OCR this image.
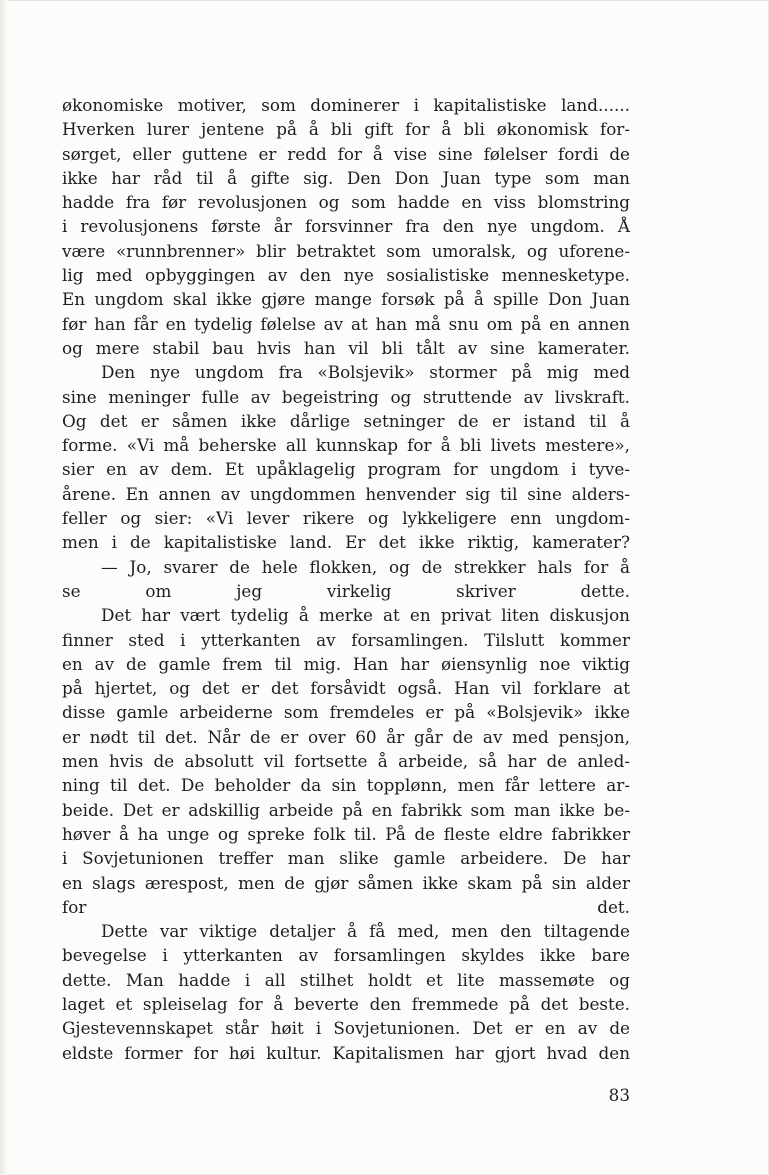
økonomiske motiver, som dominerer i kapitalistiske land......
Hverken lurer jentene på å bli gift for å bli økonomisk for-
sørget, eller guttene er redd for å vise sine følelser fordi de
ikke har råd til å gifte sig. Den Don Juan type som man
hadde fra før revolusjonen og som hadde en viss blomstring
i revolusjonens første år forsvinner fra den nye ungdom. Å
være «runnbrenner» blir betraktet som umoralsk, og uforene-
lig med opbyggingen av den nye sosialistiske mennesketype.
En ungdom skal ikke gjøre mange forsøk på å spille Don Juan
før han får en tydelig følelse av at han må snu om på en annen
og mere stabil bau hvis han vil bli tålt av sine kamerater.
Den nye ungdom fra «Bolsjevik» stormer på mig med
sine meninger fulle av begeistring og struttende av livskraft.
Og det er såmen ikke dårlige setninger de er istand til å
forme. «Vi må beherske all kunnskap for å bli livets mestere»,
sier en av dem. Et upåklagelig program for ungdom i tyve-
årene. En annen av ungdommen henvender sig til sine alders-
feller og sier: «Vi lever rikere og lykkeligere enn ungdom-
men i de kapitalistiske land. Er det ikke riktig, kamerater?
— Jo, svarer de hele flokken, og de strekker hals for å
se om jeg virkelig skriver dette.
Det har vært tydelig å merke at en privat liten diskusjon
finner sted i ytterkanten av forsamlingen. Tilslutt kommer
en av de gamle frem til mig. Han har øiensynlig noe viktig
på hjertet, og det er det forsåvidt også. Han vil forklare at
disse gamle arbeiderne som fremdeles er på «Bolsjevik» ikke
er nødt til det. Når de er over 60 år går de av med pensjon,
men hvis de absolutt vil fortsette å arbeide, så har de anled-
ning til det. De beholder da sin topplønn, men får lettere ar-
beide. Det er adskillig arbeide på en fabrikk som man ikke be-
høver å ha unge og spreke folk til. På de fleste eldre fabrikker
i Sovjetunionen treffer man slike gamle arbeidere. De har
en slags ærespost, men de gjør såmen ikke skam på sin alder
for det.
Dette var viktige detaljer å få med, men den tiltagende
bevegelse i ytterkanten av forsamlingen skyldes ikke bare
dette. Man hadde i all stilhet holdt et lite massemøte og
laget et spleiselag for å beverte den fremmede på det beste.
Gjestevennskapet står høit i Sovjetunionen. Det er en av de
eldste former for høi kultur. Kapitalismen har gjort hvad den

83
